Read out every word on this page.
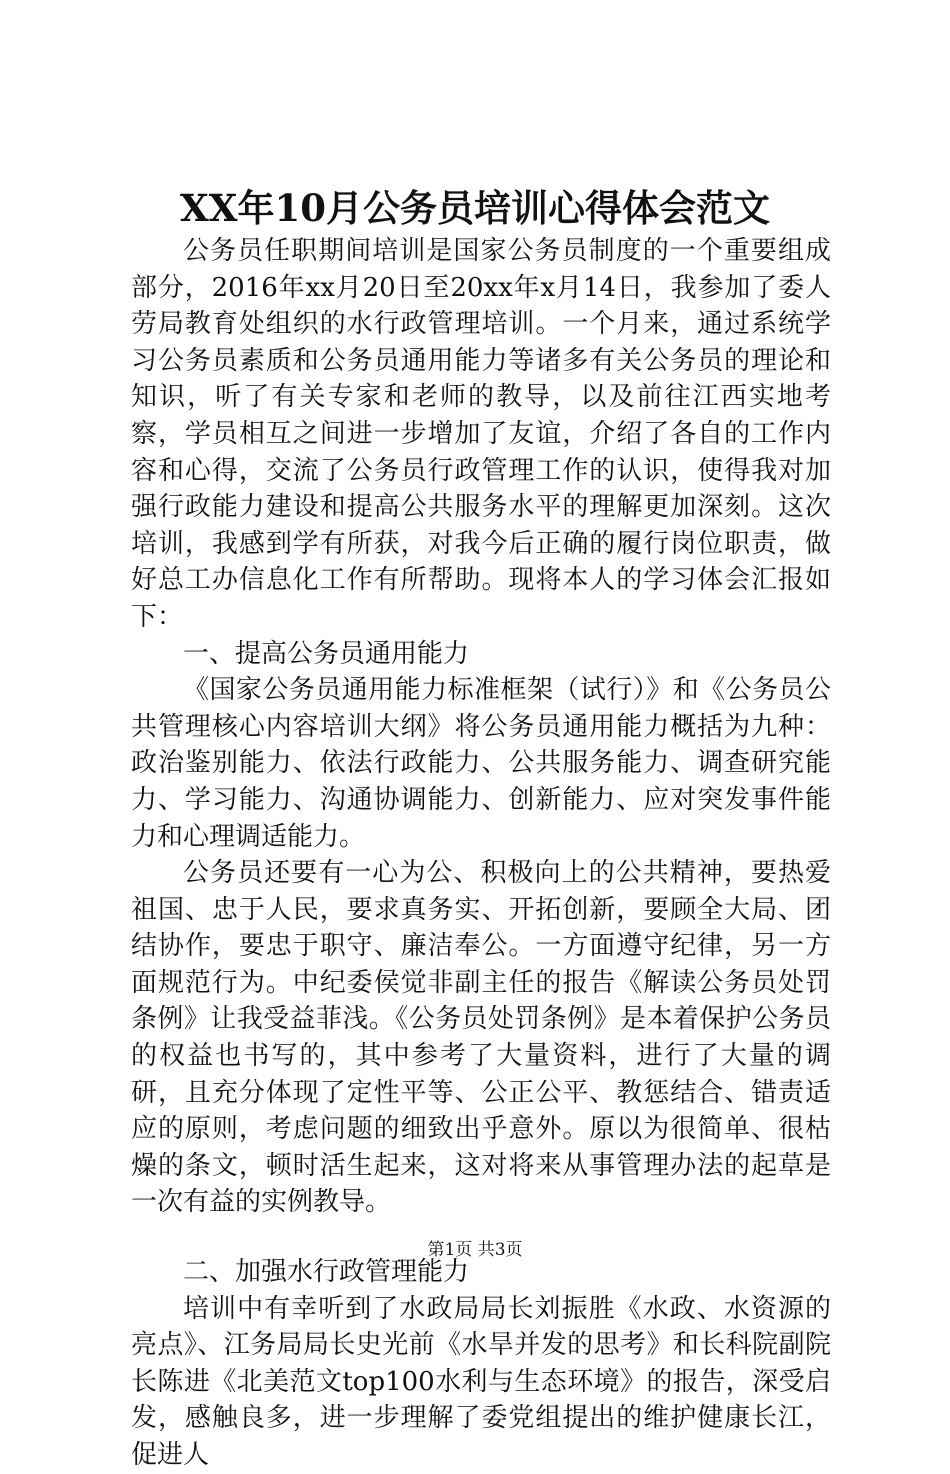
XX年10月公务员培训心得体会范文

公务员任职期间培训是国家公务员制度的一个重要组成部分，2016年xx月20日至20xx年x月14日，我参加了委人劳局教育处组织的水行政管理培训。一个月来，通过系统学习公务员素质和公务员通用能力等诸多有关公务员的理论和知识，听了有关专家和老师的教导，以及前往江西实地考察，学员相互之间进一步增加了友谊，介绍了各自的工作内容和心得，交流了公务员行政管理工作的认识，使得我对加强行政能力建设和提高公共服务水平的理解更加深刻。这次培训，我感到学有所获，对我今后正确的履行岗位职责，做好总工办信息化工作有所帮助。现将本人的学习体会汇报如下：

一、提高公务员通用能力

《国家公务员通用能力标准框架（试行）》和《公务员公共管理核心内容培训大纲》将公务员通用能力概括为九种：政治鉴别能力、依法行政能力、公共服务能力、调查研究能力、学习能力、沟通协调能力、创新能力、应对突发事件能力和心理调适能力。

公务员还要有一心为公、积极向上的公共精神，要热爱祖国、忠于人民，要求真务实、开拓创新，要顾全大局、团结协作，要忠于职守、廉洁奉公。一方面遵守纪律，另一方面规范行为。中纪委侯觉非副主任的报告《解读公务员处罚条例》让我受益菲浅。《公务员处罚条例》是本着保护公务员的权益也书写的，其中参考了大量资料，进行了大量的调研，且充分体现了定性平等、公正公平、教惩结合、错责适应的原则，考虑问题的细致出乎意外。原以为很简单、很枯燥的条文，顿时活生起来，这对将来从事管理办法的起草是一次有益的实例教导。

二、加强水行政管理能力

培训中有幸听到了水政局局长刘振胜《水政、水资源的亮点》、江务局局长史光前《水旱并发的思考》和长科院副院长陈进《北美范文top100水利与生态环境》的报告，深受启发，感触良多，进一步理解了委党组提出的维护健康长江，促进人

第1页 共3页
